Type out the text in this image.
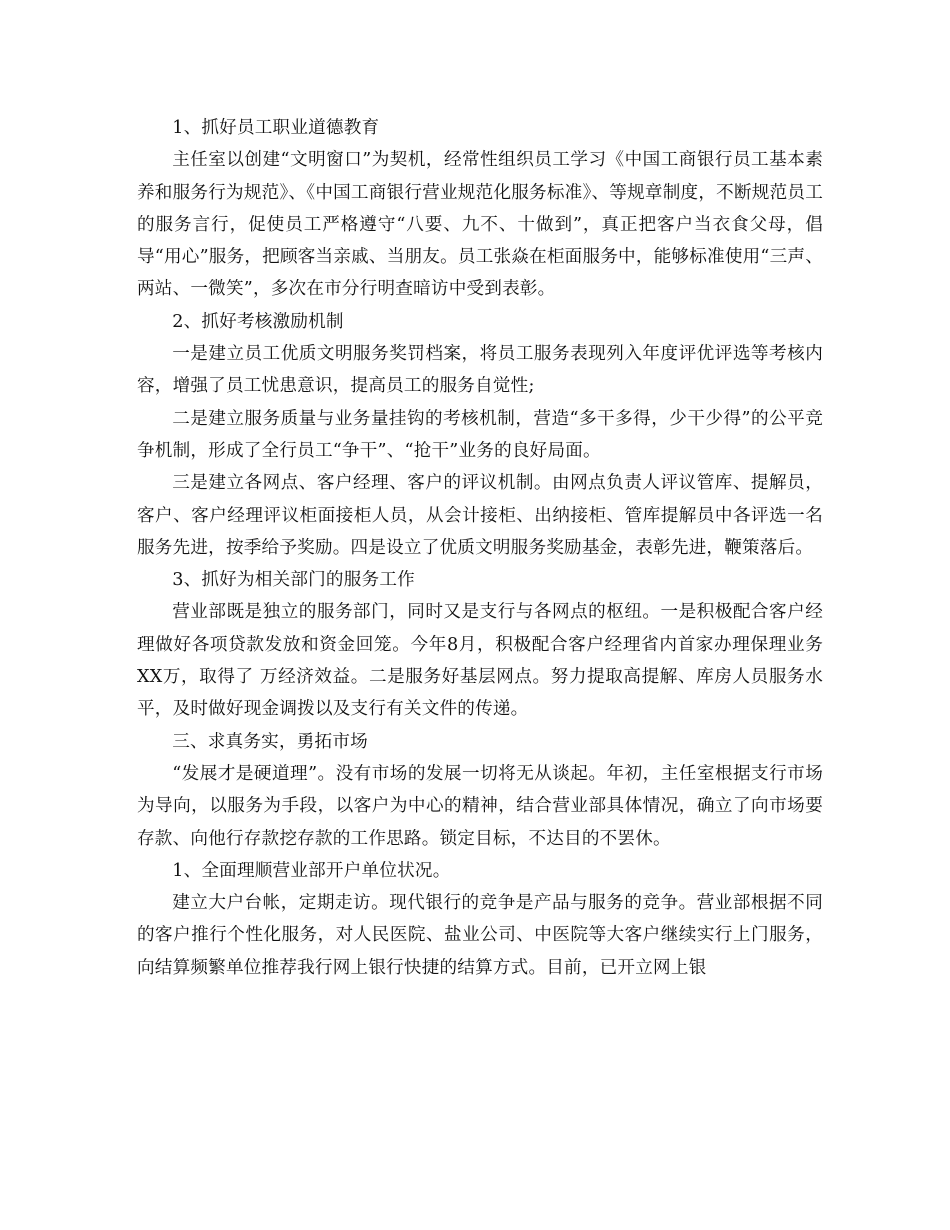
1、抓好员工职业道德教育

主任室以创建“文明窗口”为契机，经常性组织员工学习《中国工商银行员工基本素养和服务行为规范》、《中国工商银行营业规范化服务标准》、等规章制度，不断规范员工的服务言行，促使员工严格遵守“八要、九不、十做到”，真正把客户当衣食父母，倡导“用心”服务，把顾客当亲戚、当朋友。员工张焱在柜面服务中，能够标准使用“三声、两站、一微笑”，多次在市分行明查暗访中受到表彰。

2、抓好考核激励机制

一是建立员工优质文明服务奖罚档案，将员工服务表现列入年度评优评选等考核内容，增强了员工忧患意识，提高员工的服务自觉性;

二是建立服务质量与业务量挂钩的考核机制，营造“多干多得，少干少得”的公平竞争机制，形成了全行员工“争干”、“抢干”业务的良好局面。

三是建立各网点、客户经理、客户的评议机制。由网点负责人评议管库、提解员，客户、客户经理评议柜面接柜人员，从会计接柜、出纳接柜、管库提解员中各评选一名服务先进，按季给予奖励。四是设立了优质文明服务奖励基金，表彰先进，鞭策落后。

3、抓好为相关部门的服务工作

营业部既是独立的服务部门，同时又是支行与各网点的枢纽。一是积极配合客户经理做好各项贷款发放和资金回笼。今年8月，积极配合客户经理省内首家办理保理业务XX万，取得了 万经济效益。二是服务好基层网点。努力提取高提解、库房人员服务水平，及时做好现金调拨以及支行有关文件的传递。

三、求真务实，勇拓市场

“发展才是硬道理”。没有市场的发展一切将无从谈起。年初，主任室根据支行市场为导向，以服务为手段，以客户为中心的精神，结合营业部具体情况，确立了向市场要存款、向他行存款挖存款的工作思路。锁定目标，不达目的不罢休。

1、全面理顺营业部开户单位状况。

建立大户台帐，定期走访。现代银行的竞争是产品与服务的竞争。营业部根据不同的客户推行个性化服务，对人民医院、盐业公司、中医院等大客户继续实行上门服务，向结算频繁单位推荐我行网上银行快捷的结算方式。目前，已开立网上银
